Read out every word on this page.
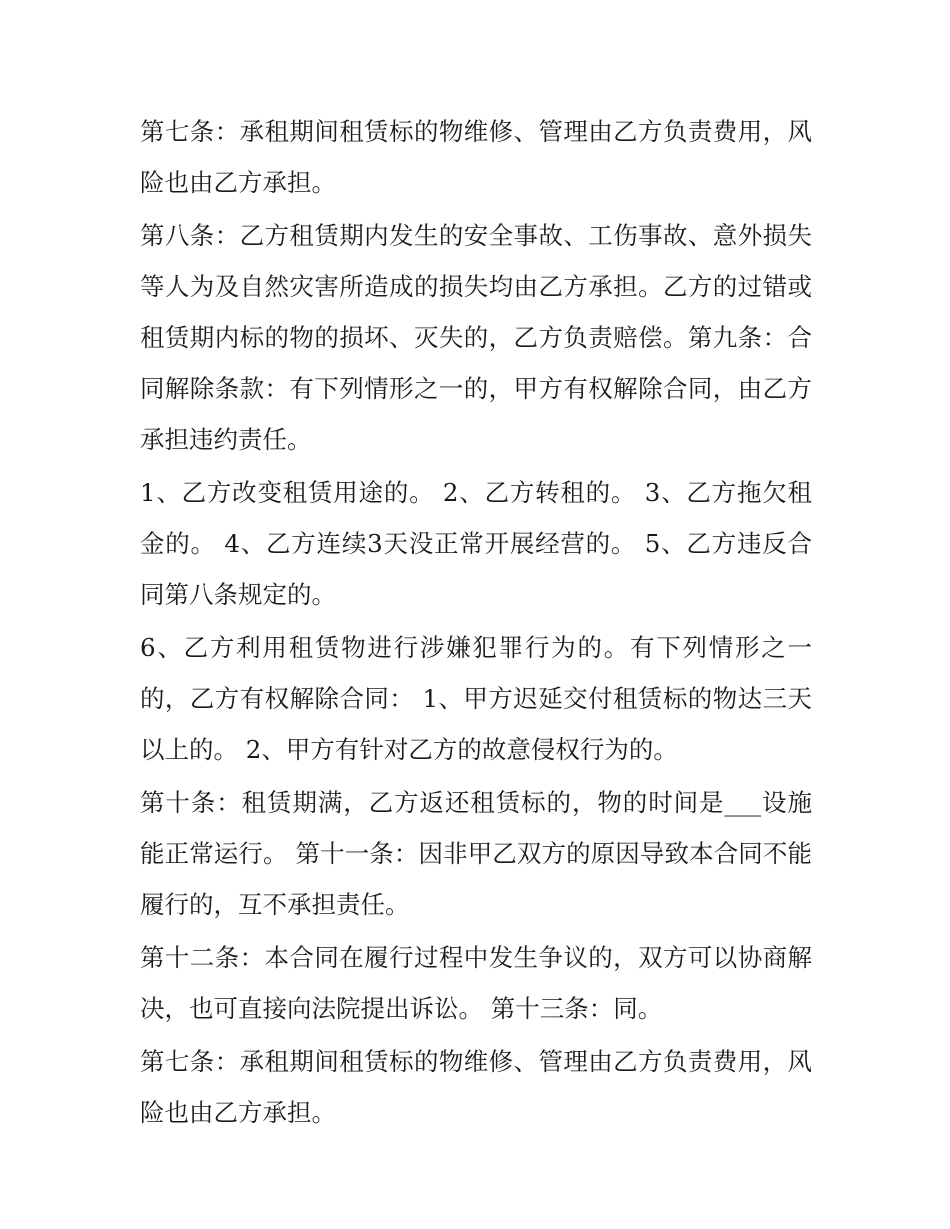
第七条：承租期间租赁标的物维修、管理由乙方负责费用，风险也由乙方承担。

第八条：乙方租赁期内发生的安全事故、工伤事故、意外损失等人为及自然灾害所造成的损失均由乙方承担。乙方的过错或租赁期内标的物的损坏、灭失的，乙方负责赔偿。第九条：合同解除条款：有下列情形之一的，甲方有权解除合同，由乙方承担违约责任。

1、乙方改变租赁用途的。 2、乙方转租的。 3、乙方拖欠租金的。 4、乙方连续3天没正常开展经营的。 5、乙方违反合同第八条规定的。

6、乙方利用租赁物进行涉嫌犯罪行为的。有下列情形之一的，乙方有权解除合同： 1、甲方迟延交付租赁标的物达三天以上的。 2、甲方有针对乙方的故意侵权行为的。

第十条：租赁期满，乙方返还租赁标的，物的时间是___设施能正常运行。 第十一条：因非甲乙双方的原因导致本合同不能履行的，互不承担责任。

第十二条：本合同在履行过程中发生争议的，双方可以协商解决，也可直接向法院提出诉讼。 第十三条：同。

第七条：承租期间租赁标的物维修、管理由乙方负责费用，风险也由乙方承担。
